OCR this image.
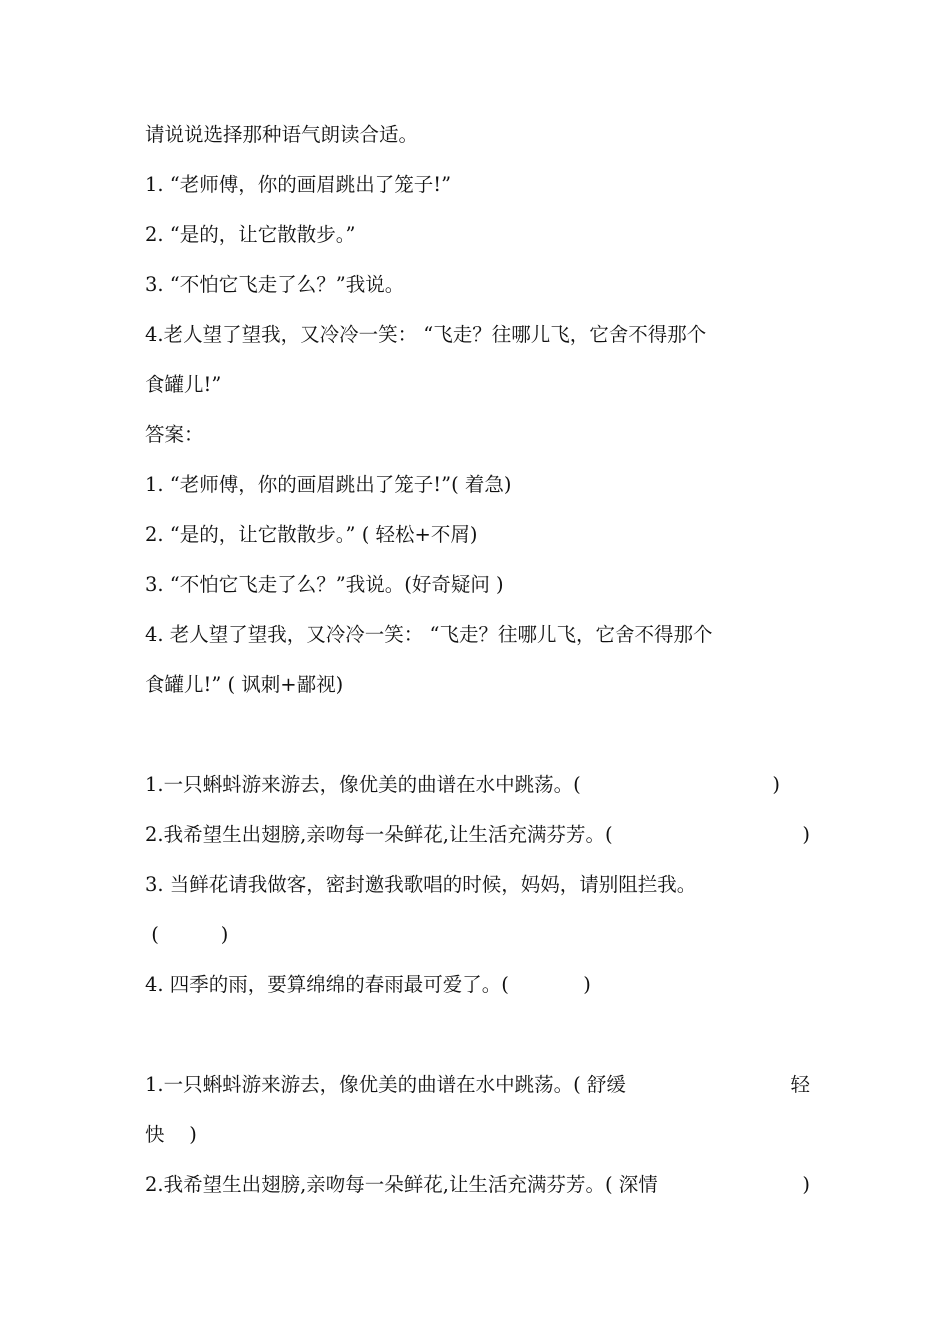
请说说选择那种语气朗读合适。
1. “老师傅，你的画眉跳出了笼子!”
2. “是的，让它散散步。”
3. “不怕它飞走了么？”我说。
4.老人望了望我，又冷冷一笑： “飞走？往哪儿飞，它舍不得那个
食罐儿!”
答案：
1. “老师傅，你的画眉跳出了笼子!”( 着急)
2. “是的，让它散散步。” ( 轻松+不屑)
3. “不怕它飞走了么？”我说。(好奇疑问 )
4. 老人望了望我，又冷冷一笑： “飞走？往哪儿飞，它舍不得那个
食罐儿!” ( 讽刺+鄙视)
1.一只蝌蚪游来游去，像优美的曲谱在水中跳荡。(	)
2.我希望生出翅膀,亲吻每一朵鲜花,让生活充满芬芳。(	)
3. 当鲜花请我做客，密封邀我歌唱的时候，妈妈，请别阻拦我。
(          )
4. 四季的雨，要算绵绵的春雨最可爱了。(            )
1.一只蝌蚪游来游去，像优美的曲谱在水中跳荡。( 舒缓	轻
快    )
2.我希望生出翅膀,亲吻每一朵鲜花,让生活充满芬芳。( 深情	)
